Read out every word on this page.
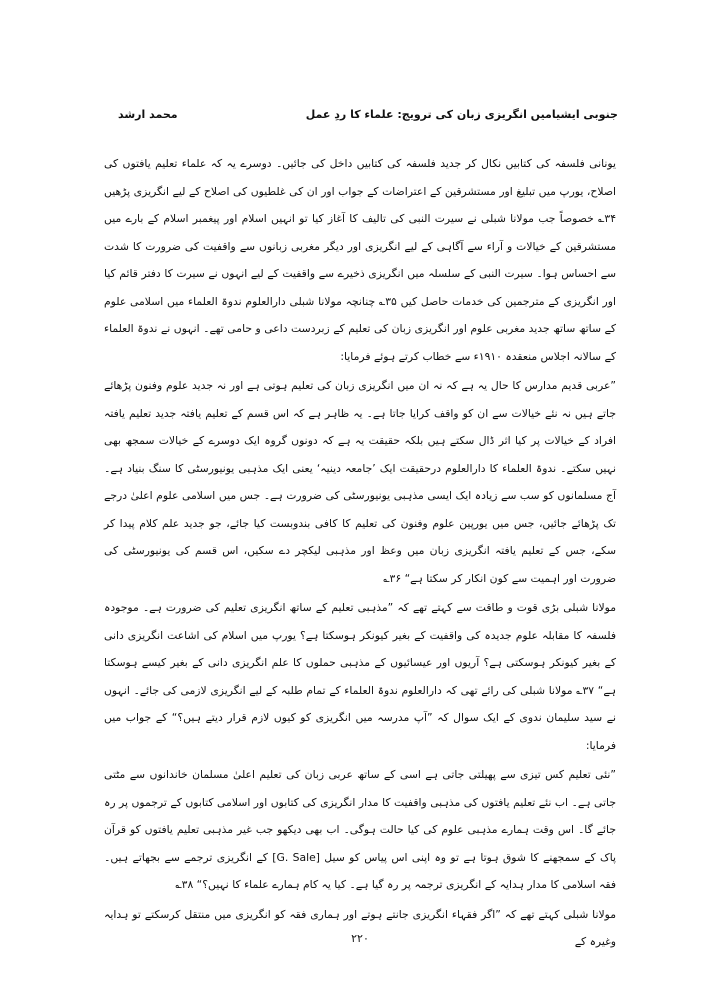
جنوبی ایشیامیں انگریزی زبان کی ترویج: علماء کا ردِ عمل
محمد ارشد

یونانی فلسفہ کی کتابیں نکال کر جدید فلسفہ کی کتابیں داخل کی جائیں۔ دوسرے یہ کہ علماء تعلیم یافتوں کی اصلاح، یورپ میں تبلیغ اور مستشرقین کے اعتراضات کے جواب اور ان کی غلطیوں کی اصلاح کے لیے انگریزی پڑھیں ۳۴؎ خصوصاً جب مولانا شبلی نے سیرت النبی کی تالیف کا آغاز کیا تو انہیں اسلام اور پیغمبر اسلام کے بارے میں مستشرقین کے خیالات و آراء سے آگاہی کے لیے انگریزی اور دیگر مغربی زبانوں سے واقفیت کی ضرورت کا شدت سے احساس ہوا۔ سیرت النبی کے سلسلہ میں انگریزی ذخیرے سے واقفیت کے لیے انہوں نے سیرت کا دفتر قائم کیا اور انگریزی کے مترجمین کی خدمات حاصل کیں ۳۵؎ چنانچہ مولانا شبلی دارالعلوم ندوۃ العلماء میں اسلامی علوم کے ساتھ ساتھ جدید مغربی علوم اور انگریزی زبان کی تعلیم کے زبردست داعی و حامی تھے۔ انہوں نے ندوۃ العلماء کے سالانہ اجلاس منعقدہ ۱۹۱۰ء سے خطاب کرتے ہوئے فرمایا:

”عربی قدیم مدارس کا حال یہ ہے کہ نہ ان میں انگریزی زبان کی تعلیم ہوتی ہے اور نہ جدید علوم وفنون پڑھائے جاتے ہیں نہ نئے خیالات سے ان کو واقف کرایا جاتا ہے۔ یہ ظاہر ہے کہ اس قسم کے تعلیم یافتہ جدید تعلیم یافتہ افراد کے خیالات پر کیا اثر ڈال سکتے ہیں بلکہ حقیقت یہ ہے کہ دونوں گروہ ایک دوسرے کے خیالات سمجھ بھی نہیں سکتے۔ ندوۃ العلماء کا دارالعلوم درحقیقت ایک ’جامعہ دینیہ‘ یعنی ایک مذہبی یونیورسٹی کا سنگ بنیاد ہے۔ آج مسلمانوں کو سب سے زیادہ ایک ایسی مذہبی یونیورسٹی کی ضرورت ہے۔ جس میں اسلامی علوم اعلیٰ درجے تک پڑھائے جائیں، جس میں یورپین علوم وفنون کی تعلیم کا کافی بندوبست کیا جائے، جو جدید علم کلام پیدا کر سکے، جس کے تعلیم یافتہ انگریزی زبان میں وعظ اور مذہبی لیکچر دے سکیں، اس قسم کی یونیورسٹی کی ضرورت اور اہمیت سے کون انکار کر سکتا ہے“ ۳۶؎

مولانا شبلی بڑی قوت و طاقت سے کہتے تھے کہ ”مذہبی تعلیم کے ساتھ انگریزی تعلیم کی ضرورت ہے۔ موجودہ فلسفہ کا مقابلہ علوم جدیدہ کی واقفیت کے بغیر کیونکر ہوسکتا ہے؟ یورپ میں اسلام کی اشاعت انگریزی دانی کے بغیر کیونکر ہوسکتی ہے؟ آریوں اور عیسائیوں کے مذہبی حملوں کا علم انگریزی دانی کے بغیر کیسے ہوسکتا ہے“ ۳۷؎ مولانا شبلی کی رائے تھی کہ دارالعلوم ندوۃ العلماء کے تمام طلبہ کے لیے انگریزی لازمی کی جائے۔ انہوں نے سید سلیمان ندوی کے ایک سوال کہ ”آپ مدرسہ میں انگریزی کو کیوں لازم قرار دیتے ہیں؟“ کے جواب میں فرمایا:

”نئی تعلیم کس تیزی سے پھیلتی جاتی ہے اسی کے ساتھ عربی زبان کی تعلیم اعلیٰ مسلمان خاندانوں سے مٹتی جاتی ہے۔ اب نئے تعلیم یافتوں کی مذہبی واقفیت کا مدار انگریزی کی کتابوں اور اسلامی کتابوں کے ترجموں پر رہ جائے گا۔ اس وقت ہمارے مذہبی علوم کی کیا حالت ہوگی۔ اب بھی دیکھو جب غیر مذہبی تعلیم یافتوں کو قرآن پاک کے سمجھنے کا شوق ہوتا ہے تو وہ اپنی اس پیاس کو سیل [G. Sale] کے انگریزی ترجمے سے بجھاتے ہیں۔ فقہ اسلامی کا مدار ہدایہ کے انگریزی ترجمہ پر رہ گیا ہے۔ کیا یہ کام ہمارے علماء کا نہیں؟“ ۳۸؎

مولانا شبلی کہتے تھے کہ ”اگر فقہاء انگریزی جانتے ہوتے اور ہماری فقہ کو انگریزی میں منتقل کرسکتے تو ہدایہ وغیرہ کے

۲۲۰
